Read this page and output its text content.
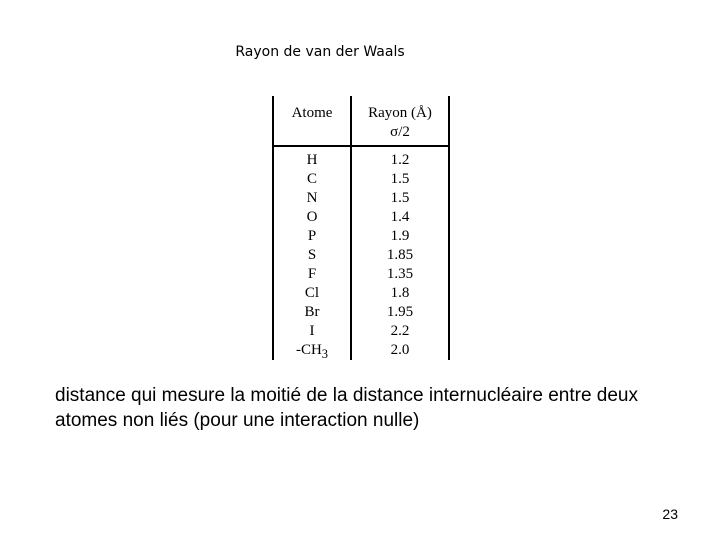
Rayon de van der Waals
Atome	Rayon (Å)
σ/2
H
C
N
O
P
S
F
Cl
Br
I
$-CH_3$
1.2
1.5
1.5
1.4
1.9
1.85
1.35
1.8
1.95
2.2
2.0
distance qui mesure la moitié de la distance internucléaire entre deux atomes non liés (pour une interaction nulle)
23
